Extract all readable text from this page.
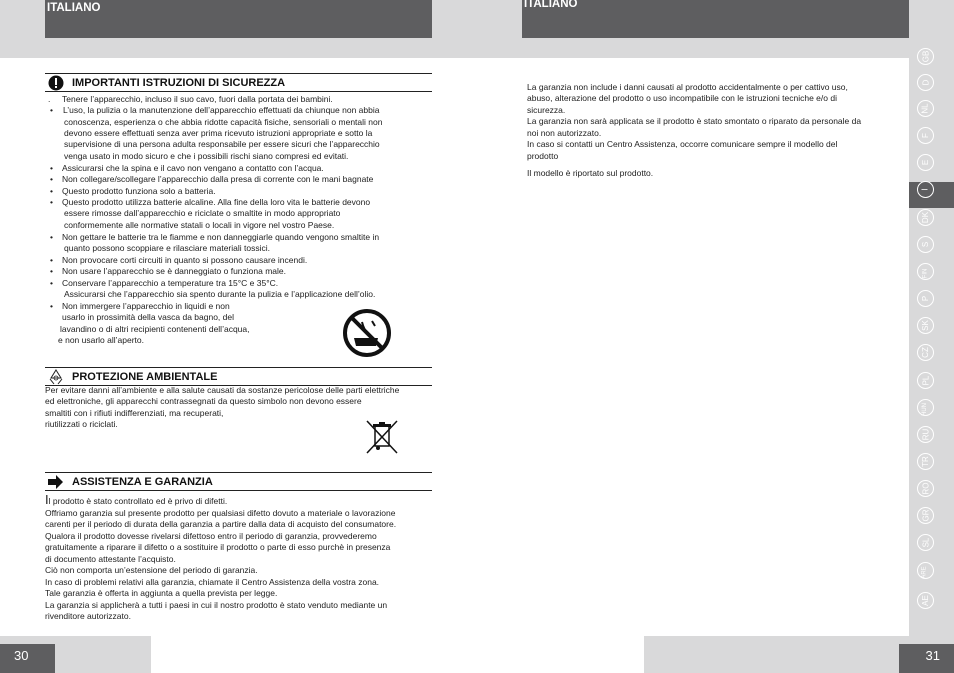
ITALIANO	ITALIANO
GB
D
NL
F
E
I
DK
S
FIN
P
SK
CZ
PL
HUN
RU
TR
RO
GR
SL
ARE
AE
30	31
IMPORTANTI ISTRUZIONI DI SICUREZZA
. Tenere l’apparecchio, incluso il suo cavo, fuori dalla portata dei bambini.
• L’uso, la pulizia o la manutenzione dell’apparecchio effettuati da chiunque non abbia
conoscenza, esperienza o che abbia ridotte capacità fisiche, sensoriali o mentali non
devono essere effettuati senza aver prima ricevuto istruzioni appropriate e sotto la
supervisione di una persona adulta responsabile per essere sicuri che l’apparecchio
venga usato in modo sicuro e che i possibili rischi siano compresi ed evitati.
• Assicurarsi che la spina e il cavo non vengano a contatto con l’acqua.
• Non collegare/scollegare l’apparecchio dalla presa di corrente con le mani bagnate
• Questo prodotto funziona solo a batteria.
• Questo prodotto utilizza batterie alcaline. Alla fine della loro vita le batterie devono
essere rimosse dall’apparecchio e riciclate o smaltite in modo appropriato
conformemente alle normative statali o locali in vigore nel vostro Paese.
• Non gettare le batterie tra le fiamme e non danneggiarle quando vengono smaltite in
quanto possono scoppiare e rilasciare materiali tossici.
• Non provocare corti circuiti in quanto si possono causare incendi.
• Non usare l’apparecchio se è danneggiato o funziona male.
• Conservare l’apparecchio a temperature tra 15°C e 35°C.
Assicurarsi che l’apparecchio sia spento durante la pulizia e l’applicazione dell’olio.
• Non immergere l’apparecchio in liquidi e non
usarlo in prossimità della vasca da bagno, del
lavandino o di altri recipienti contenenti dell’acqua,
e non usarlo all’aperto.
PROTEZIONE AMBIENTALE
Per evitare danni all’ambiente e alla salute causati da sostanze pericolose delle parti elettriche
ed elettroniche, gli apparecchi contrassegnati da questo simbolo non devono essere
smaltiti con i rifiuti indifferenziati, ma recuperati,
riutilizzati o riciclati.
ASSISTENZA E GARANZIA
Il prodotto è stato controllato ed è privo di difetti.
Offriamo garanzia sul presente prodotto per qualsiasi difetto dovuto a materiale o lavorazione
carenti per il periodo di durata della garanzia a partire dalla data di acquisto del consumatore.
Qualora il prodotto dovesse rivelarsi difettoso entro il periodo di garanzia, provvederemo
gratuitamente a riparare il difetto o a sostituire il prodotto o parte di esso purchè in presenza
di documento attestante l’acquisto.
Ciò non comporta un’estensione del periodo di garanzia.
In caso di problemi relativi alla garanzia, chiamate il Centro Assistenza della vostra zona.
Tale garanzia è offerta in aggiunta a quella prevista per legge.
La garanzia si applicherà a tutti i paesi in cui il nostro prodotto è stato venduto mediante un
rivenditore autorizzato.
La garanzia non include i danni causati al prodotto accidentalmente o per cattivo uso,
abuso, alterazione del prodotto o uso incompatibile con le istruzioni tecniche e/o di
sicurezza.
La garanzia non sarà applicata se il prodotto è stato smontato o riparato da personale da
noi non autorizzato.
In caso si contatti un Centro Assistenza, occorre comunicare sempre il modello del
prodotto
Il modello è riportato sul prodotto.
